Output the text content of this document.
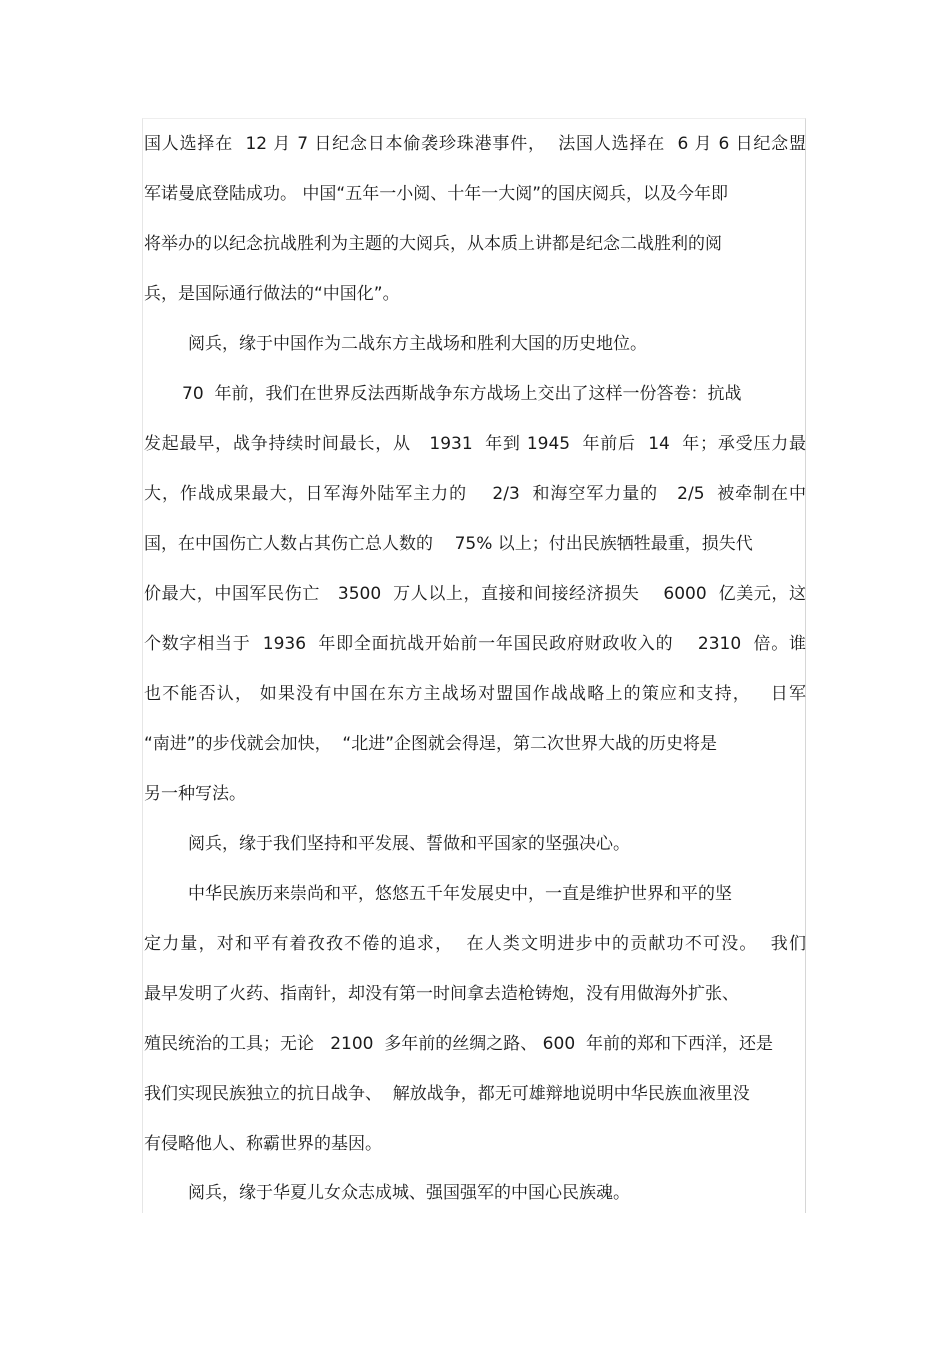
国人选择在  12 月 7 日纪念日本偷袭珍珠港事件，  法国人选择在  6 月 6 日纪念盟
军诺曼底登陆成功。 中国“五年一小阅、十年一大阅”的国庆阅兵，以及今年即
将举办的以纪念抗战胜利为主题的大阅兵，从本质上讲都是纪念二战胜利的阅
兵，是国际通行做法的“中国化”。
阅兵，缘于中国作为二战东方主战场和胜利大国的历史地位。
70  年前，我们在世界反法西斯战争东方战场上交出了这样一份答卷：抗战
发起最早，战争持续时间最长，从   1931  年到 1945  年前后  14  年；承受压力最
大，作战成果最大，日军海外陆军主力的    2/3  和海空军力量的   2/5  被牵制在中
国，在中国伤亡人数占其伤亡总人数的    75% 以上；付出民族牺牲最重，损失代
价最大，中国军民伤亡   3500  万人以上，直接和间接经济损失    6000  亿美元，这
个数字相当于  1936  年即全面抗战开始前一年国民政府财政收入的    2310  倍。谁
也不能否认， 如果没有中国在东方主战场对盟国作战战略上的策应和支持，   日军
“南进”的步伐就会加快，  “北进”企图就会得逞，第二次世界大战的历史将是
另一种写法。
阅兵，缘于我们坚持和平发展、誓做和平国家的坚强决心。
中华民族历来崇尚和平，悠悠五千年发展史中，一直是维护世界和平的坚
定力量，对和平有着孜孜不倦的追求，  在人类文明进步中的贡献功不可没。  我们
最早发明了火药、指南针，却没有第一时间拿去造枪铸炮，没有用做海外扩张、
殖民统治的工具；无论   2100  多年前的丝绸之路、 600  年前的郑和下西洋，还是
我们实现民族独立的抗日战争、  解放战争，都无可雄辩地说明中华民族血液里没
有侵略他人、称霸世界的基因。
阅兵，缘于华夏儿女众志成城、强国强军的中国心民族魂。
